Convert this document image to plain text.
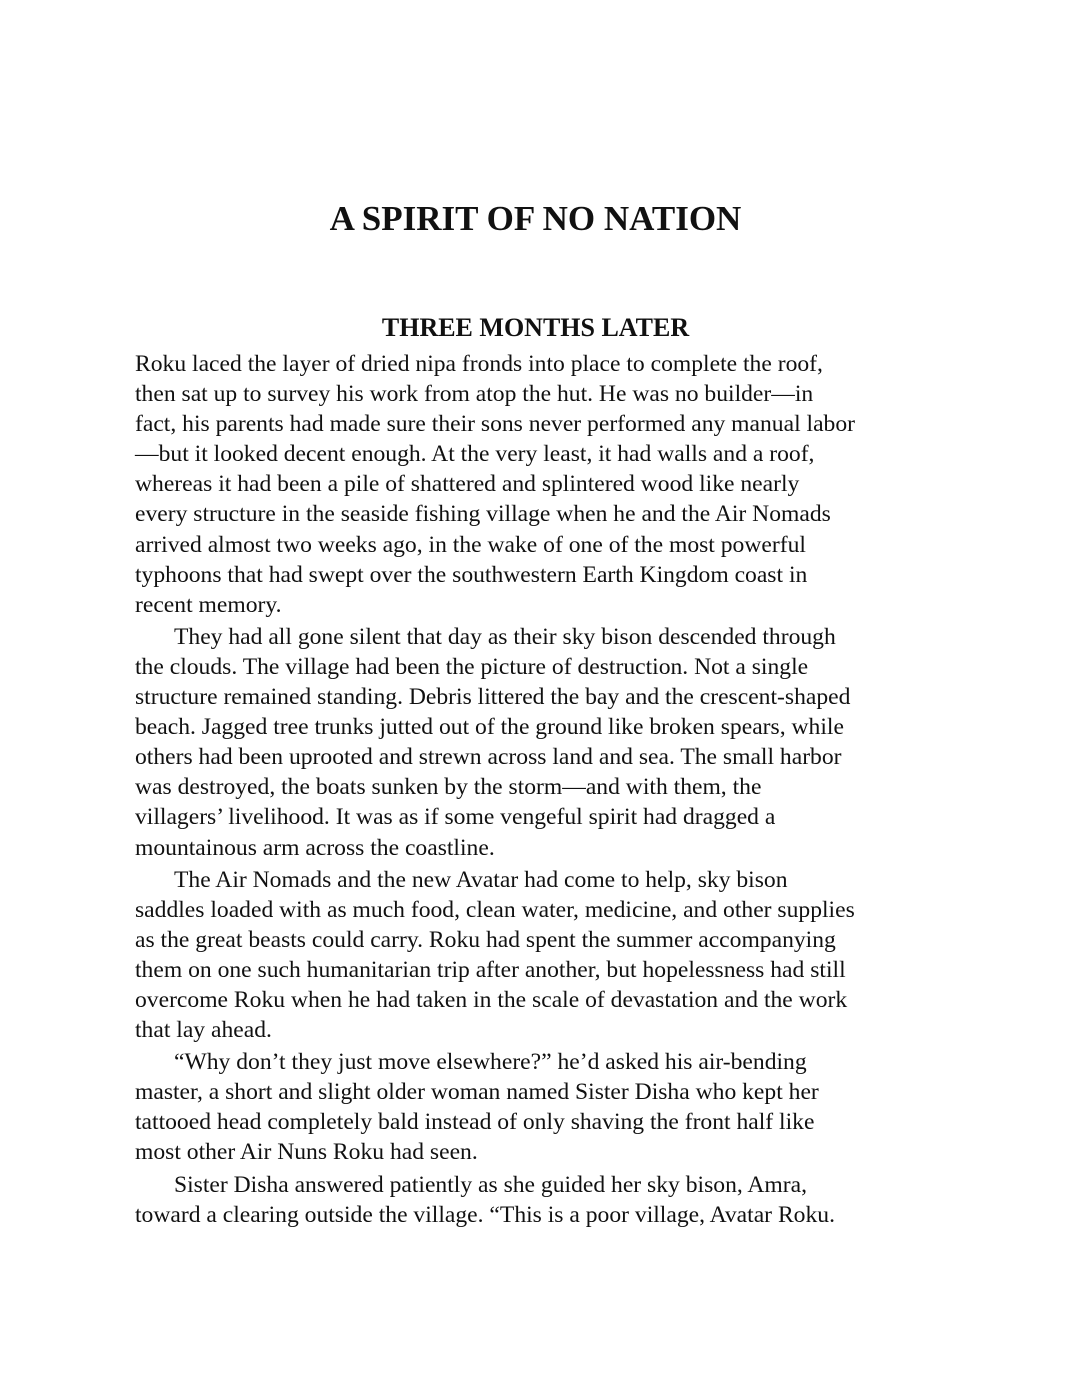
A SPIRIT OF NO NATION
THREE MONTHS LATER
Roku laced the layer of dried nipa fronds into place to complete the roof,
then sat up to survey his work from atop the hut. He was no builder—in
fact, his parents had made sure their sons never performed any manual labor
—but it looked decent enough. At the very least, it had walls and a roof,
whereas it had been a pile of shattered and splintered wood like nearly
every structure in the seaside fishing village when he and the Air Nomads
arrived almost two weeks ago, in the wake of one of the most powerful
typhoons that had swept over the southwestern Earth Kingdom coast in
recent memory.
They had all gone silent that day as their sky bison descended through
the clouds. The village had been the picture of destruction. Not a single
structure remained standing. Debris littered the bay and the crescent-shaped
beach. Jagged tree trunks jutted out of the ground like broken spears, while
others had been uprooted and strewn across land and sea. The small harbor
was destroyed, the boats sunken by the storm—and with them, the
villagers’ livelihood. It was as if some vengeful spirit had dragged a
mountainous arm across the coastline.
The Air Nomads and the new Avatar had come to help, sky bison
saddles loaded with as much food, clean water, medicine, and other supplies
as the great beasts could carry. Roku had spent the summer accompanying
them on one such humanitarian trip after another, but hopelessness had still
overcome Roku when he had taken in the scale of devastation and the work
that lay ahead.
“Why don’t they just move elsewhere?” he’d asked his air-bending
master, a short and slight older woman named Sister Disha who kept her
tattooed head completely bald instead of only shaving the front half like
most other Air Nuns Roku had seen.
Sister Disha answered patiently as she guided her sky bison, Amra,
toward a clearing outside the village. “This is a poor village, Avatar Roku.
